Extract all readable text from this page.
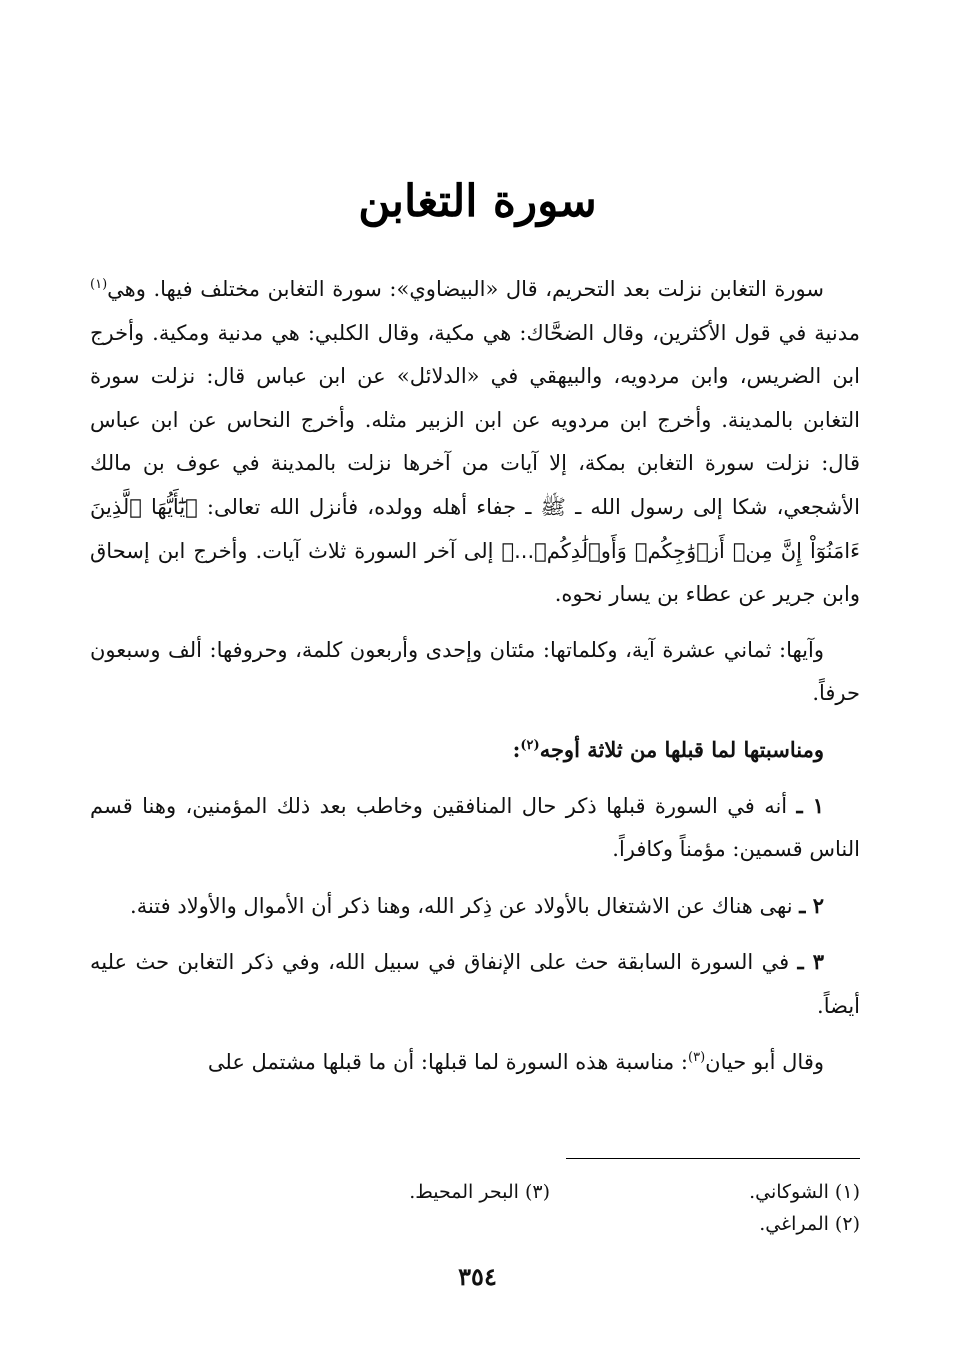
سورة التغابن

سورة التغابن نزلت بعد التحريم، قال «البيضاوي»: سورة التغابن مختلف فيها. وهي$^{(١)}$ مدنية في قول الأكثرين، وقال الضحَّاك: هي مكية، وقال الكلبي: هي مدنية ومكية. وأخرج ابن الضريس، وابن مردويه، والبيهقي في «الدلائل» عن ابن عباس قال: نزلت سورة التغابن بالمدينة. وأخرج ابن مردويه عن ابن الزبير مثله. وأخرج النحاس عن ابن عباس قال: نزلت سورة التغابن بمكة، إلا آيات من آخرها نزلت بالمدينة في عوف بن مالك الأشجعي، شكا إلى رسول الله ـ ﷺ ـ جفاء أهله وولده، فأنزل الله تعالى: ﴿يَٰٓأَيُّهَا ٱلَّذِينَ ءَامَنُوٓاْ إِنَّ مِنۡ أَزۡوَٰجِكُمۡ وَأَوۡلَٰدِكُمۡ...﴾ إلى آخر السورة ثلاث آيات. وأخرج ابن إسحاق وابن جرير عن عطاء بن يسار نحوه.

وآيها: ثماني عشرة آية، وكلماتها: مئتان وإحدى وأربعون كلمة، وحروفها: ألف وسبعون حرفاً.

ومناسبتها لما قبلها من ثلاثة أوجه$^{(٢)}$:

١ ـ أنه في السورة قبلها ذكر حال المنافقين وخاطب بعد ذلك المؤمنين، وهنا قسم الناس قسمين: مؤمناً وكافراً.

٢ ـ نهى هناك عن الاشتغال بالأولاد عن ذِكر الله، وهنا ذكر أن الأموال والأولاد فتنة.

٣ ـ في السورة السابقة حث على الإنفاق في سبيل الله، وفي ذكر التغابن حث عليه أيضاً.

وقال أبو حيان$^{(٣)}$: مناسبة هذه السورة لما قبلها: أن ما قبلها مشتمل على

(١) الشوكاني.
(٣) البحر المحيط.
(٢) المراغي.
٣٥٤
